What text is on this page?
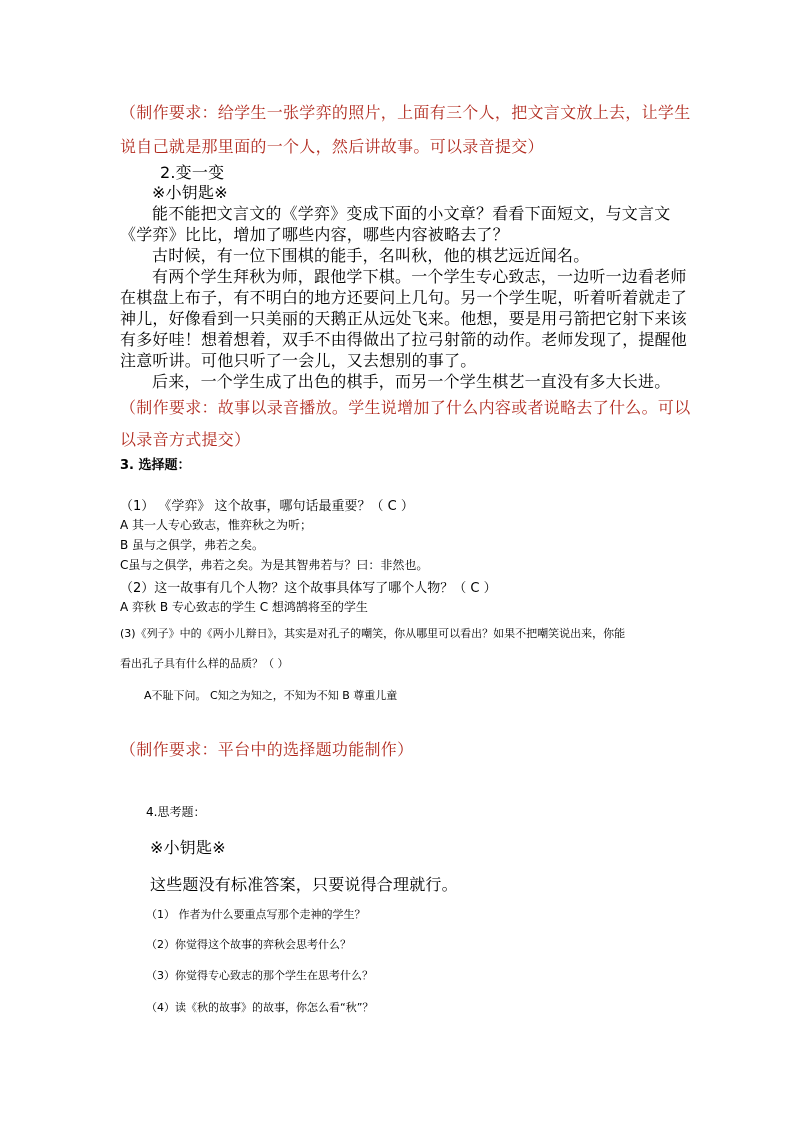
（制作要求：给学生一张学弈的照片，上面有三个人，把文言文放上去，让学生
说自己就是那里面的一个人，然后讲故事。可以录音提交）
2.变一变
※小钥匙※
能不能把文言文的《学弈》变成下面的小文章？看看下面短文，与文言文
《学弈》比比，增加了哪些内容，哪些内容被略去了？
古时候，有一位下围棋的能手，名叫秋，他的棋艺远近闻名。
有两个学生拜秋为师，跟他学下棋。一个学生专心致志，一边听一边看老师
在棋盘上布子，有不明白的地方还要问上几句。另一个学生呢，听着听着就走了
神儿，好像看到一只美丽的天鹅正从远处飞来。他想，要是用弓箭把它射下来该
有多好哇！想着想着，双手不由得做出了拉弓射箭的动作。老师发现了，提醒他
注意听讲。可他只听了一会儿，又去想别的事了。
后来，一个学生成了出色的棋手，而另一个学生棋艺一直没有多大长进。
（制作要求：故事以录音播放。学生说增加了什么内容或者说略去了什么。可以
以录音方式提交）
3. 选择题：
（1） 《学弈》 这个故事，哪句话最重要？（ C ）
A 其一人专心致志，惟弈秋之为听；
B 虽与之俱学，弗若之矣。
C虽与之俱学，弗若之矣。为是其智弗若与？曰：非然也。
（2）这一故事有几个人物？这个故事具体写了哪个人物？（ C ）
A 弈秋 B 专心致志的学生 C 想鸿鹄将至的学生
(3)《列子》中的《两小儿辩日》，其实是对孔子的嘲笑，你从哪里可以看出？如果不把嘲笑说出来，你能
看出孔子具有什么样的品质？（ ）
A不耻下问。 C知之为知之，不知为不知 B 尊重儿童
（制作要求：平台中的选择题功能制作）
4.思考题：
※小钥匙※
这些题没有标准答案，只要说得合理就行。
（1） 作者为什么要重点写那个走神的学生？
（2）你觉得这个故事的弈秋会思考什么？
（3）你觉得专心致志的那个学生在思考什么？
（4）读《秋的故事》的故事，你怎么看“秋”？
